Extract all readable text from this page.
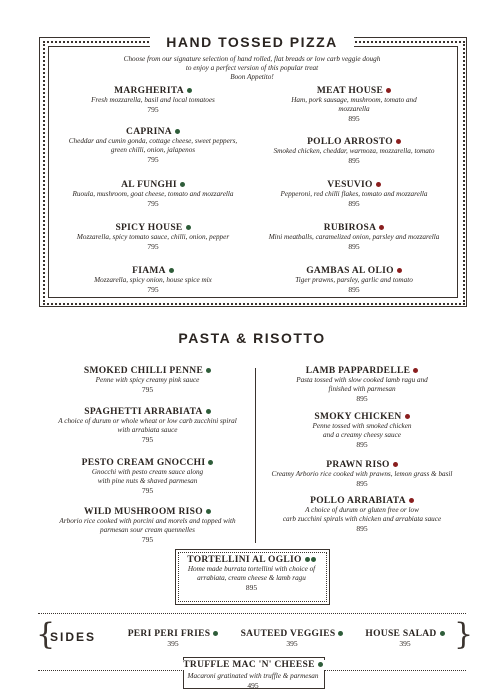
HAND TOSSED PIZZA
Choose from our signature selection of hand rolled, flat breads or low carb veggie dough
to enjoy a perfect version of this popular treat
Boon Appetito!
MARGHERITA
Fresh mozzarella, basil and local tomatoes
795
CAPRINA
Cheddar and cumin gonda, cottage cheese, sweet peppers,
green chilli, onion, jalapenos
795
AL FUNGHI
Ruoula, mushroom, goat cheese, tomato and mozzarella
795
SPICY HOUSE
Mozzarella, spicy tomato sauce, chilli, onion, pepper
795
FIAMA
Mozzarella, spicy onion, house spice mix
795
MEAT HOUSE
Ham, pork sausage, mushroom, tomato and
mozzarella
895
POLLO ARROSTO
Smoked chicken, cheddar, warmoza, mozzarella, tomato
895
VESUVIO
Pepperoni, red chilli flakes, tomato and mozzarella
895
RUBIROSA
Mini meatballs, caramelized onion, parsley and mozzarella
895
GAMBAS AL OLIO
Tiger prawns, parsley, garlic and tomato
895
PASTA & RISOTTO
SMOKED CHILLI PENNE
Penne with spicy creamy pink sauce
795
SPAGHETTI ARRABIATA
A choice of durum or whole wheat or low carb zucchini spiral
with arrabiata sauce
795
PESTO CREAM GNOCCHI
Gnocchi with pesto cream sauce along
with pine nuts & shaved parmesan
795
WILD MUSHROOM RISO
Arborio rice cooked with porcini and morels and topped with
parmesan sour cream quennelles
795
LAMB PAPPARDELLE
Pasta tossed with slow cooked lamb ragu and
finished with parmesan
895
SMOKY CHICKEN
Penne tossed with smoked chicken
and a creamy cheesy sauce
895
PRAWN RISO
Creamy Arborio rice cooked with prawns, lemon grass & basil
895
POLLO ARRABIATA
A choice of durum or gluten free or low
carb zucchini spirals with chicken and arrabiata sauce
895
TORTELLINI AL OGLIO
Home made burrata tortellini with choice of
arrabiata, cream cheese & lamb ragu
895
{	}
SIDES	PERI PERI FRIES
395
SAUTEED VEGGIES
395
HOUSE SALAD
395
TRUFFLE MAC 'N' CHEESE
Macaroni gratinated with truffle & parmesan
495
